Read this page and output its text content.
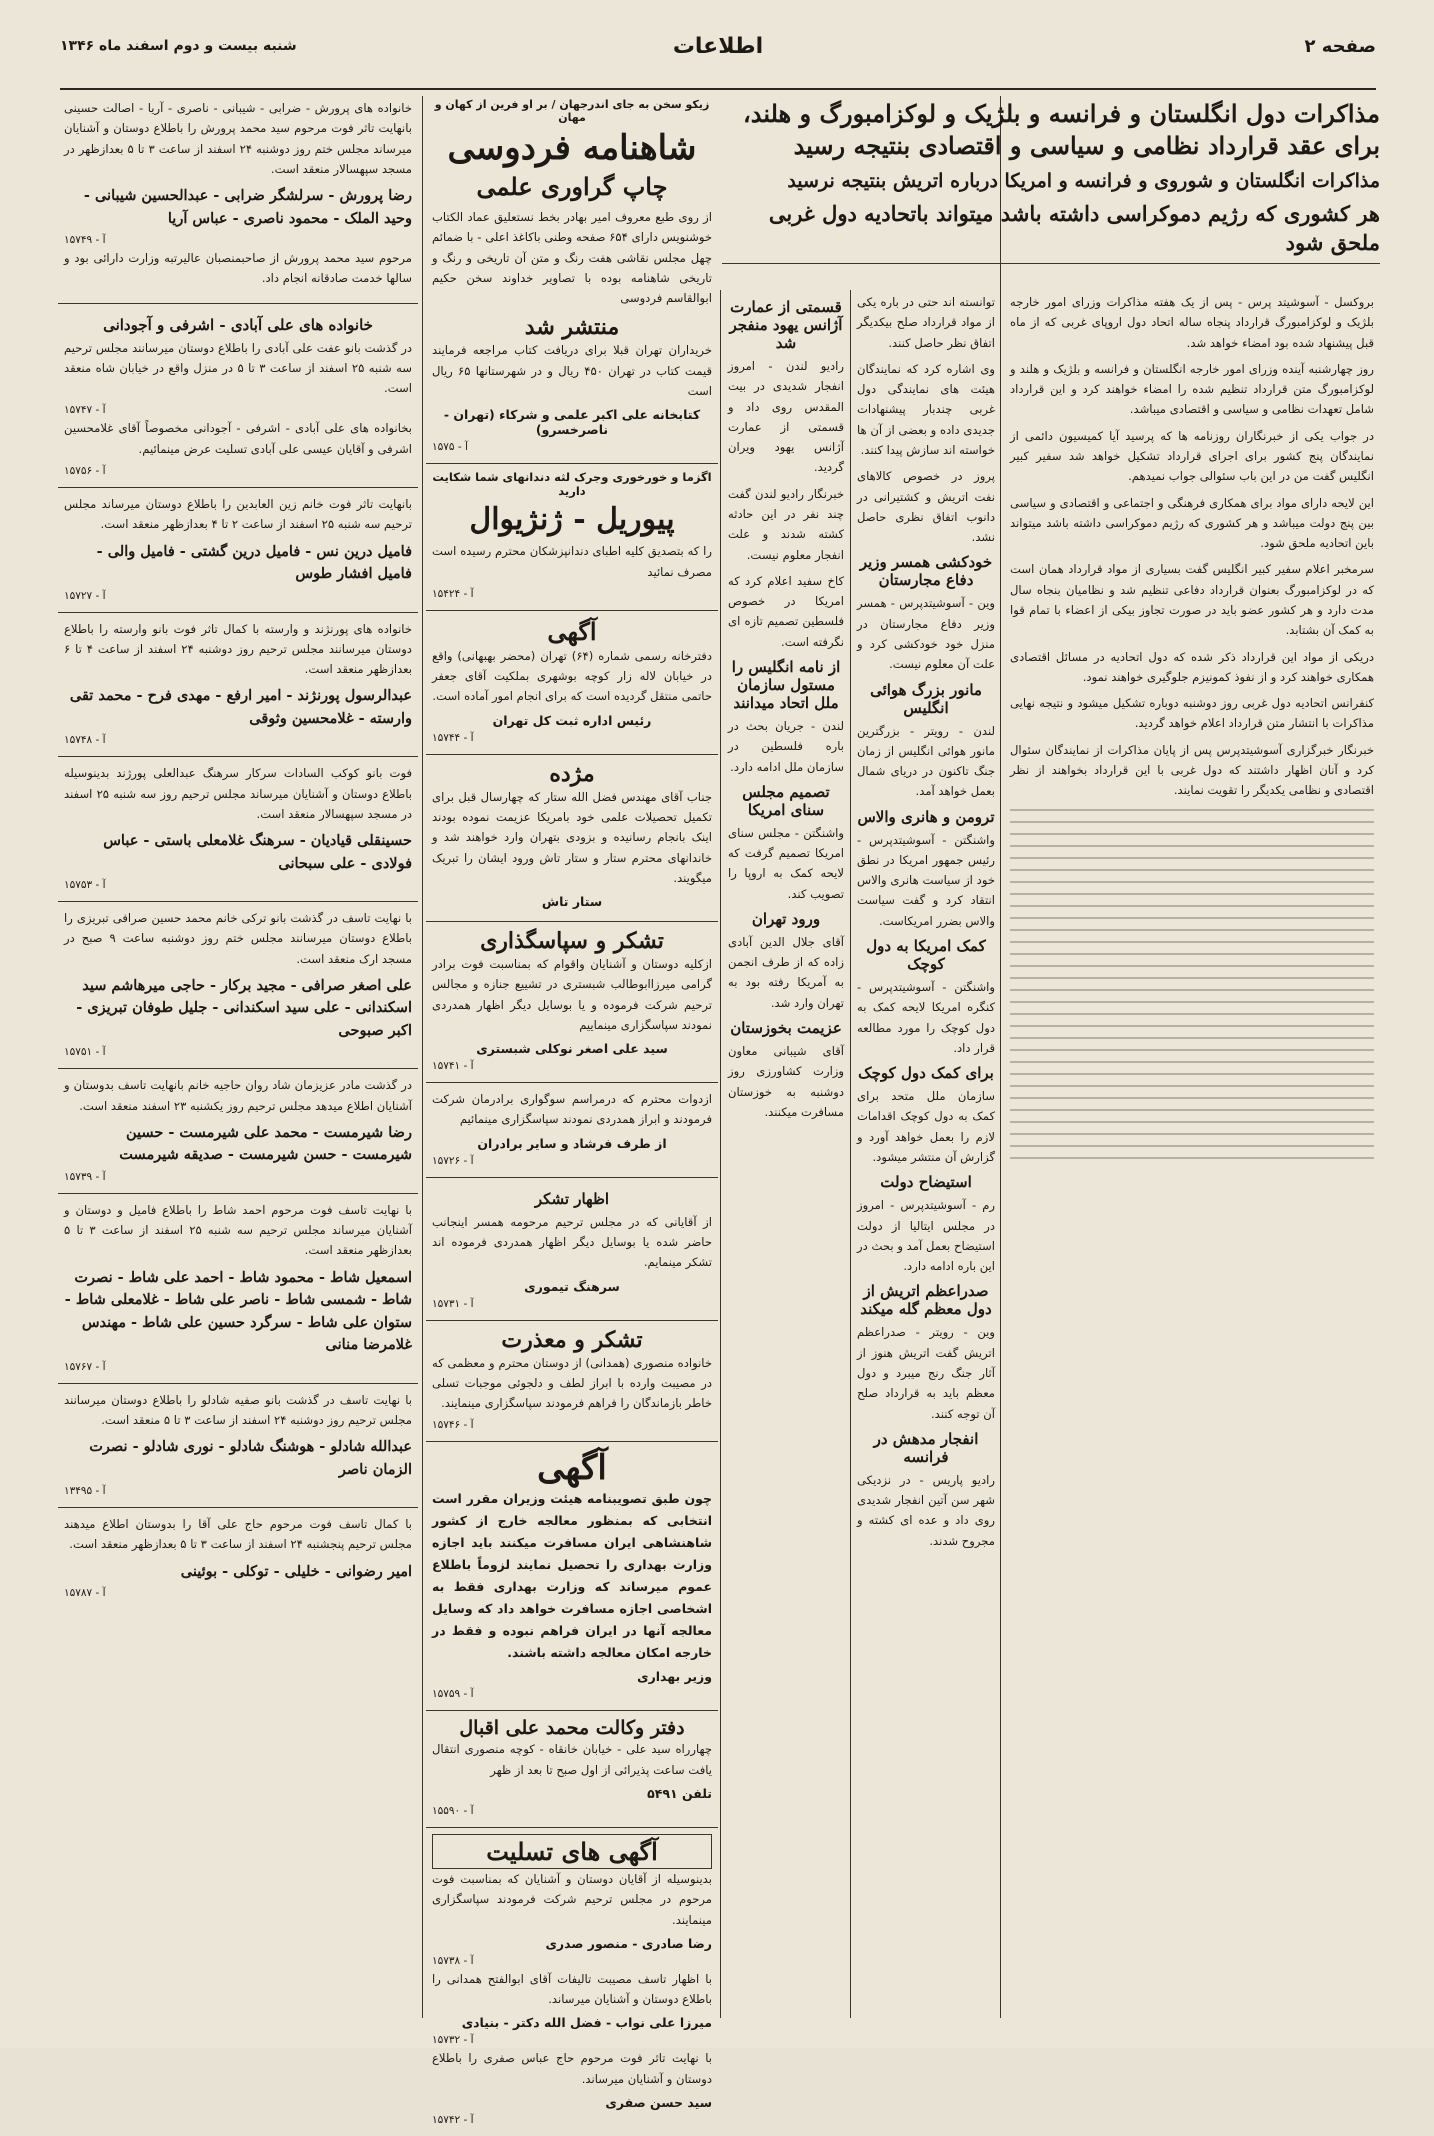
صفحه ۲
اطلاعات
شنبه بیست و دوم اسفند ماه ۱۳۴۶
مذاکرات دول انگلستان و فرانسه و بلژیک و لوکزامبورگ و هلند، برای عقد قرارداد نظامی و سیاسی و اقتصادی بنتیجه رسید
مذاکرات انگلستان و شوروی و فرانسه و امریکا درباره اتریش بنتیجه نرسید
هر کشوری که رژیم دموکراسی داشته باشد میتواند باتحادیه دول غربی ملحق شود

بروکسل - آسوشیتد پرس - پس از یک هفته مذاکرات وزرای امور خارجه بلژیک و لوکزامبورگ قرارداد پنجاه ساله اتحاد دول اروپای غربی که از ماه قبل پیشنهاد شده بود امضاء خواهد شد.

روز چهارشنبه آینده وزرای امور خارجه انگلستان و فرانسه و بلژیک و هلند و لوکزامبورگ متن قرارداد تنظیم شده را امضاء خواهند کرد و این قرارداد شامل تعهدات نظامی و سیاسی و اقتصادی میباشد.

در جواب یکی از خبرنگاران روزنامه ها که پرسید آیا کمیسیون دائمی از نمایندگان پنج کشور برای اجرای قرارداد تشکیل خواهد شد سفیر کبیر انگلیس گفت من در این باب سئوالی جواب نمیدهم.

این لایحه دارای مواد برای همکاری فرهنگی و اجتماعی و اقتصادی و سیاسی بین پنج دولت میباشد و هر کشوری که رژیم دموکراسی داشته باشد میتواند باین اتحادیه ملحق شود.

سرمخبر اعلام سفیر کبیر انگلیس گفت بسیاری از مواد قرارداد همان است که در لوکزامبورگ بعنوان قرارداد دفاعی تنظیم شد و نظامیان بنجاه سال مدت دارد و هر کشور عضو باید در صورت تجاوز بیکی از اعضاء با تمام قوا به کمک آن بشتابد.

دریکی از مواد این قرارداد ذکر شده که دول اتحادیه در مسائل اقتصادی همکاری خواهند کرد و از نفوذ کمونیزم جلوگیری خواهند نمود.

کنفرانس اتحادیه دول غربی روز دوشنبه دوباره تشکیل میشود و نتیجه نهایی مذاکرات با انتشار متن قرارداد اعلام خواهد گردید.

خبرنگار خبرگزاری آسوشیتدپرس پس از پایان مذاکرات از نمایندگان سئوال کرد و آنان اظهار داشتند که دول غربی با این قرارداد بخواهند از نظر اقتصادی و نظامی یکدیگر را تقویت نمایند.

توانسته اند حتی در باره یکی از مواد قرارداد صلح بیکدیگر اتفاق نظر حاصل کنند.

وی اشاره کرد که نمایندگان هیئت های نمایندگی دول غربی چندبار پیشنهادات جدیدی داده و بعضی از آن ها خواسته اند سازش پیدا کنند.

پروز در خصوص کالاهای نفت اتریش و کشتیرانی در دانوب اتفاق نظری حاصل نشد.

خودکشی همسر وزیر دفاع مجارستان

وین - آسوشیتدپرس - همسر وزیر دفاع مجارستان در منزل خود خودکشی کرد و علت آن معلوم نیست.

مانور بزرگ هوائی انگلیس

لندن - رویتر - بزرگترین مانور هوائی انگلیس از زمان جنگ تاکنون در دریای شمال بعمل خواهد آمد.

ترومن و هانری والاس

واشنگتن - آسوشیتدپرس - رئیس جمهور امریکا در نطق خود از سیاست هانری والاس انتقاد کرد و گفت سیاست والاس بضرر امریکاست.

کمک امریکا به دول کوچک

واشنگتن - آسوشیتدپرس - کنگره امریکا لایحه کمک به دول کوچک را مورد مطالعه قرار داد.

برای کمک دول کوچک

سازمان ملل متحد برای کمک به دول کوچک اقدامات لازم را بعمل خواهد آورد و گزارش آن منتشر میشود.

استیضاح دولت

رم - آسوشیتدپرس - امروز در مجلس ایتالیا از دولت استیضاح بعمل آمد و بحث در این باره ادامه دارد.

صدراعظم اتریش از دول معظم گله میکند

وین - رویتر - صدراعظم اتریش گفت اتریش هنوز از آثار جنگ رنج میبرد و دول معظم باید به قرارداد صلح آن توجه کنند.

انفجار مدهش در فرانسه

رادیو پاریس - در نزدیکی شهر سن آتین انفجار شدیدی روی داد و عده ای کشته و مجروح شدند.

قسمتی از عمارت آژانس یهود منفجر شد

رادیو لندن - امروز انفجار شدیدی در بیت المقدس روی داد و قسمتی از عمارت آژانس یهود ویران گردید.

خبرنگار رادیو لندن گفت چند نفر در این حادثه کشته شدند و علت انفجار معلوم نیست.

کاخ سفید اعلام کرد که امریکا در خصوص فلسطین تصمیم تازه ای نگرفته است.

از نامه انگلیس را مستول سازمان ملل اتحاد میدانند

لندن - جریان بحث در باره فلسطین در سازمان ملل ادامه دارد.

تصمیم مجلس سنای امریکا

واشنگتن - مجلس سنای امریکا تصمیم گرفت که لایحه کمک به اروپا را تصویب کند.

ورود تهران

آقای جلال الدین آبادی زاده که از طرف انجمن به آمریکا رفته بود به تهران وارد شد.

عزیمت بخوزستان

آقای شیبانی معاون وزارت کشاورزی روز دوشنبه به خوزستان مسافرت میکنند.

زیکو سخن به جای اندرجهان / بر او فرین از کهان و مهان
شاهنامه فردوسی
چاپ گراوری علمی

از روی طبع معروف امیر بهادر بخط نستعلیق عماد الکتاب خوشنویس دارای ۶۵۴ صفحه وطنی باکاغذ اعلی - با ضمائم چهل مجلس نقاشی هفت رنگ و متن آن تاریخی و رنگ و تاریخی شاهنامه بوده با تصاویر خداوند سخن حکیم ابوالقاسم فردوسی

منتشر شد

خریداران تهران قبلا برای دریافت کتاب مراجعه فرمایند قیمت کتاب در تهران ۴۵۰ ریال و در شهرستانها ۶۵ ریال است

کتابخانه علی اکبر علمی و شرکاء (تهران - ناصرخسرو)
آ - ۱۵۷۵
اگزما و خورخوری وجرک لثه دندانهای شما شکایت دارید
پیوریل - ژنژیوال

را که بتصدیق کلیه اطبای دندانپزشکان محترم رسیده است مصرف نمائید

آ - ۱۵۴۲۴
آگهی

دفترخانه رسمی شماره (۶۴) تهران (محضر بهبهانی) واقع در خیابان لاله زار کوچه بوشهری بملکیت آقای جعفر حاتمی منتقل گردیده است که برای انجام امور آماده است.

رئیس اداره ثبت کل تهران
آ - ۱۵۷۴۴
مژده

جناب آقای مهندس فضل الله ستار که چهارسال قبل برای تکمیل تحصیلات علمی خود بامریکا عزیمت نموده بودند اینک بانجام رسانیده و بزودی بتهران وارد خواهند شد و خاندانهای محترم ستار و ستار تاش ورود ایشان را تبریک میگویند.

ستار تاش
تشکر و سپاسگذاری

ازکلیه دوستان و آشنایان واقوام که بمناسبت فوت برادر گرامی میرزاابوطالب شبستری در تشییع جنازه و مجالس ترحیم شرکت فرموده و یا بوسایل دیگر اظهار همدردی نمودند سپاسگزاری مینماییم

سید علی اصغر نوکلی شبستری
آ - ۱۵۷۴۱

ازدوات محترم که درمراسم سوگواری برادرمان شرکت فرمودند و ابراز همدردی نمودند سپاسگزاری مینمائیم

از طرف فرشاد و سایر برادران
آ - ۱۵۷۲۶
اظهار تشکر

از آقایانی که در مجلس ترحیم مرحومه همسر اینجانب حاضر شده یا بوسایل دیگر اظهار همدردی فرموده اند تشکر مینمایم.

سرهنگ تیموری
آ - ۱۵۷۳۱
تشکر و معذرت

خانواده منصوری (همدانی) از دوستان محترم و معظمی که در مصیبت وارده با ابراز لطف و دلجوئی موجبات تسلی خاطر بازماندگان را فراهم فرمودند سپاسگزاری مینمایند.

آ - ۱۵۷۴۶
آگهی

چون طبق تصویبنامه هیئت وزیران مقرر است انتخابی که بمنظور معالجه خارج از کشور شاهنشاهی ایران مسافرت میکنند باید اجازه وزارت بهداری را تحصیل نمایند لزوماً باطلاع عموم میرساند که وزارت بهداری فقط به اشخاصی اجازه مسافرت خواهد داد که وسایل معالجه آنها در ایران فراهم نبوده و فقط در خارجه امکان معالجه داشته باشند.

وزیر بهداری
آ - ۱۵۷۵۹
دفتر وکالت محمد علی اقبال

چهارراه سید علی - خیابان خانقاه - کوچه منصوری انتقال یافت ساعت پذیرائی از اول صبح تا بعد از ظهر

تلفن ۵۴۹۱
آ - ۱۵۵۹۰
آگهی های تسلیت

بدینوسیله از آقایان دوستان و آشنایان که بمناسبت فوت مرحوم در مجلس ترحیم شرکت فرمودند سپاسگزاری مینمایند.

رضا صادری - منصور صدری
آ - ۱۵۷۳۸

با اظهار تاسف مصیبت تالیفات آقای ابوالفتح همدانی را باطلاع دوستان و آشنایان میرساند.

میرزا علی نواب - فضل الله دکتر - بنیادی
آ - ۱۵۷۳۲

با نهایت تاثر فوت مرحوم حاج عباس صفری را باطلاع دوستان و آشنایان میرساند.

سید حسن صفری
آ - ۱۵۷۴۲

خانواده های پرورش - ضرابی - شیبانی - ناصری - آریا - اصالت حسینی بانهایت تاثر فوت مرحوم سید محمد پرورش را باطلاع دوستان و آشنایان میرساند مجلس ختم روز دوشنبه ۲۴ اسفند از ساعت ۳ تا ۵ بعدازظهر در مسجد سپهسالار منعقد است.

رضا پرورش - سرلشگر ضرابی - عبدالحسین شیبانی - وحید الملک - محمود ناصری - عباس آریا
آ - ۱۵۷۴۹

مرحوم سید محمد پرورش از صاحبمنصبان عالیرتبه وزارت دارائی بود و سالها خدمت صادقانه انجام داد.

خانواده های علی آبادی - اشرفی و آجودانی

در گذشت بانو عفت علی آبادی را باطلاع دوستان میرسانند مجلس ترحیم سه شنبه ۲۵ اسفند از ساعت ۳ تا ۵ در منزل واقع در خیابان شاه منعقد است.

آ - ۱۵۷۴۷

بخانواده های علی آبادی - اشرفی - آجودانی مخصوصاً آقای غلامحسین اشرفی و آقایان عیسی علی آبادی تسلیت عرض مینمائیم.

آ - ۱۵۷۵۶

بانهایت تاثر فوت خانم زین العابدین را باطلاع دوستان میرساند مجلس ترحیم سه شنبه ۲۵ اسفند از ساعت ۲ تا ۴ بعدازظهر منعقد است.

فامیل درین نس - فامیل درین گشتی - فامیل والی - فامیل افشار طوس
آ - ۱۵۷۲۷

خانواده های پورنژند و وارسته با کمال تاثر فوت بانو وارسته را باطلاع دوستان میرسانند مجلس ترحیم روز دوشنبه ۲۴ اسفند از ساعت ۴ تا ۶ بعدازظهر منعقد است.

عبدالرسول پورنژند - امیر ارفع - مهدی فرح - محمد تقی وارسته - غلامحسین وثوقی
آ - ۱۵۷۴۸

فوت بانو کوکب السادات سرکار سرهنگ عبدالعلی پورژند بدینوسیله باطلاع دوستان و آشنایان میرساند مجلس ترحیم روز سه شنبه ۲۵ اسفند در مسجد سپهسالار منعقد است.

حسینقلی قیادیان - سرهنگ غلامعلی باستی - عباس فولادی - علی سبحانی
آ - ۱۵۷۵۳

با نهایت تاسف در گذشت بانو ترکی خانم محمد حسین صرافی تبریزی را باطلاع دوستان میرسانند مجلس ختم روز دوشنبه ساعت ۹ صبح در مسجد ارک منعقد است.

علی اصغر صرافی - مجید برکار - حاجی میرهاشم سید اسکندانی - علی سید اسکندانی - جلیل طوفان تبریزی - اکبر صبوحی
آ - ۱۵۷۵۱

در گذشت مادر عزیزمان شاد روان حاجیه خانم بانهایت تاسف بدوستان و آشنایان اطلاع میدهد مجلس ترحیم روز یکشنبه ۲۳ اسفند منعقد است.

رضا شیرمست - محمد علی شیرمست - حسین شیرمست - حسن شیرمست - صدیقه شیرمست
آ - ۱۵۷۳۹

با نهایت تاسف فوت مرحوم احمد شاط را باطلاع فامیل و دوستان و آشنایان میرساند مجلس ترحیم سه شنبه ۲۵ اسفند از ساعت ۳ تا ۵ بعدازظهر منعقد است.

اسمعیل شاط - محمود شاط - احمد علی شاط - نصرت شاط - شمسی شاط - ناصر علی شاط - غلامعلی شاط - ستوان علی شاط - سرگرد حسین علی شاط - مهندس غلامرضا منانی
آ - ۱۵۷۶۷

با نهایت تاسف در گذشت بانو صفیه شادلو را باطلاع دوستان میرسانند مجلس ترحیم روز دوشنبه ۲۴ اسفند از ساعت ۳ تا ۵ منعقد است.

عبدالله شادلو - هوشنگ شادلو - نوری شادلو - نصرت الزمان ناصر
آ - ۱۳۴۹۵

با کمال تاسف فوت مرحوم حاج علی آقا را بدوستان اطلاع میدهند مجلس ترحیم پنجشنبه ۲۴ اسفند از ساعت ۳ تا ۵ بعدازظهر منعقد است.

امیر رضوانی - خلیلی - توکلی - بوئینی
آ - ۱۵۷۸۷
